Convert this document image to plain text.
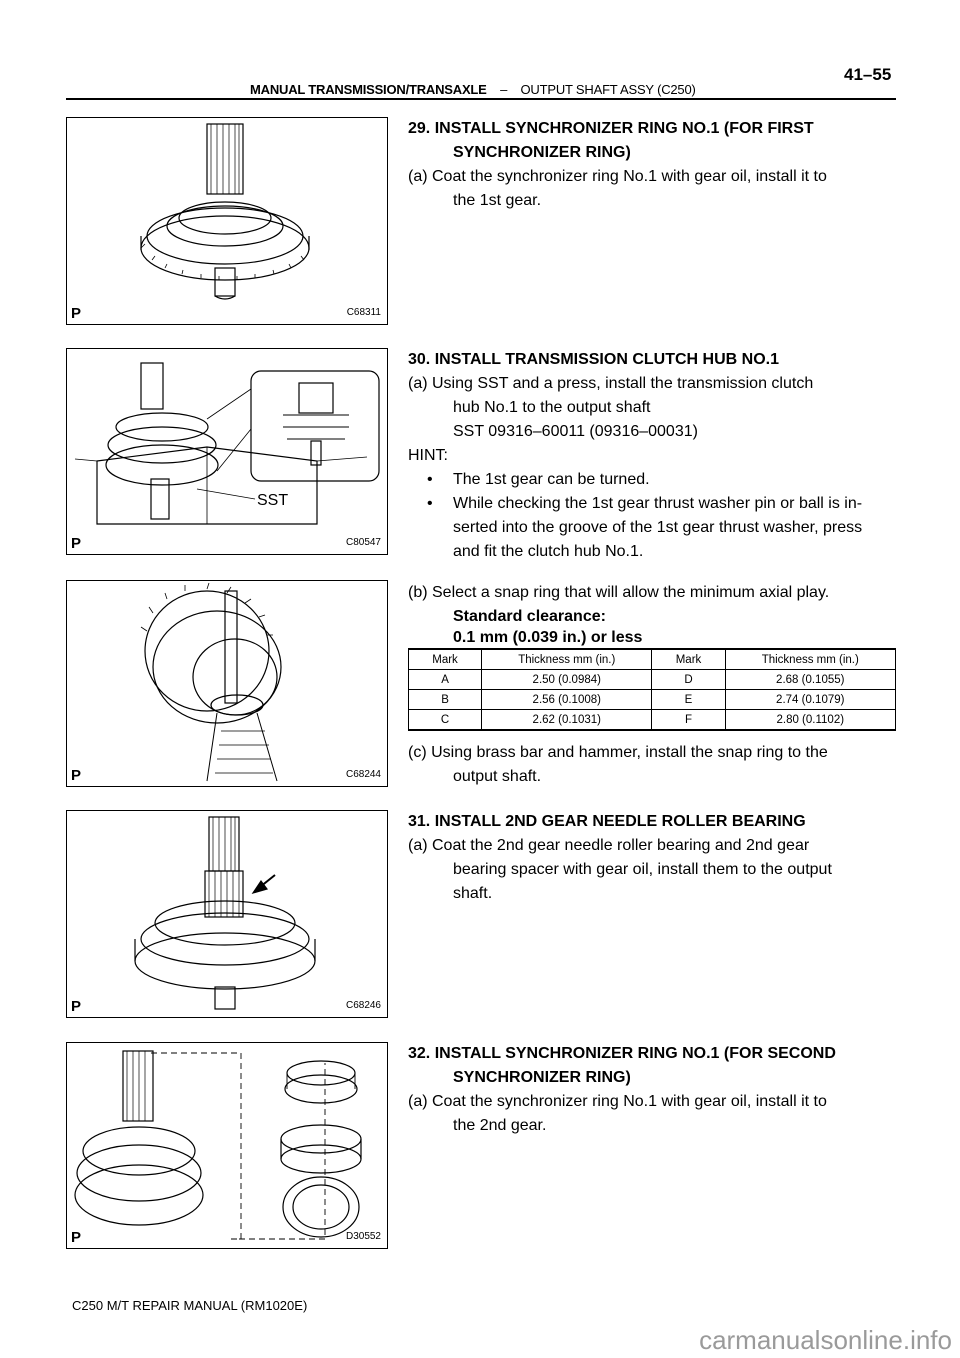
MANUAL TRANSMISSION/TRANSAXLE – OUTPUT SHAFT ASSY (C250)
41–55
P	C68311
SST
P	C80547
P	C68244
P	C68246
P	D30552
29. INSTALL SYNCHRONIZER RING NO.1 (FOR FIRST
SYNCHRONIZER RING)
(a) Coat the synchronizer ring No.1 with gear oil, install it to
the 1st gear.
30. INSTALL TRANSMISSION CLUTCH HUB NO.1
(a) Using SST and a press, install the transmission clutch
hub No.1 to the output shaft
SST 09316–60011 (09316–00031)
HINT:
• The 1st gear can be turned.
• While checking the 1st gear thrust washer pin or ball is in-
serted into the groove of the 1st gear thrust washer, press
and fit the clutch hub No.1.
(b) Select a snap ring that will allow the minimum axial play.
Standard clearance:
0.1 mm (0.039 in.) or less
(c) Using brass bar and hammer, install the snap ring to the
output shaft.
31. INSTALL 2ND GEAR NEEDLE ROLLER BEARING
(a) Coat the 2nd gear needle roller bearing and 2nd gear
bearing spacer with gear oil, install them to the output
shaft.
32. INSTALL SYNCHRONIZER RING NO.1 (FOR SECOND
SYNCHRONIZER RING)
(a) Coat the synchronizer ring No.1 with gear oil, install it to
the 2nd gear.
Mark	Thickness mm (in.)	Mark	Thickness mm (in.)
A	2.50 (0.0984)	D	2.68 (0.1055)
B	2.56 (0.1008)	E	2.74 (0.1079)
C	2.62 (0.1031)	F	2.80 (0.1102)
C250 M/T REPAIR MANUAL (RM1020E)
carmanualsonline.info
